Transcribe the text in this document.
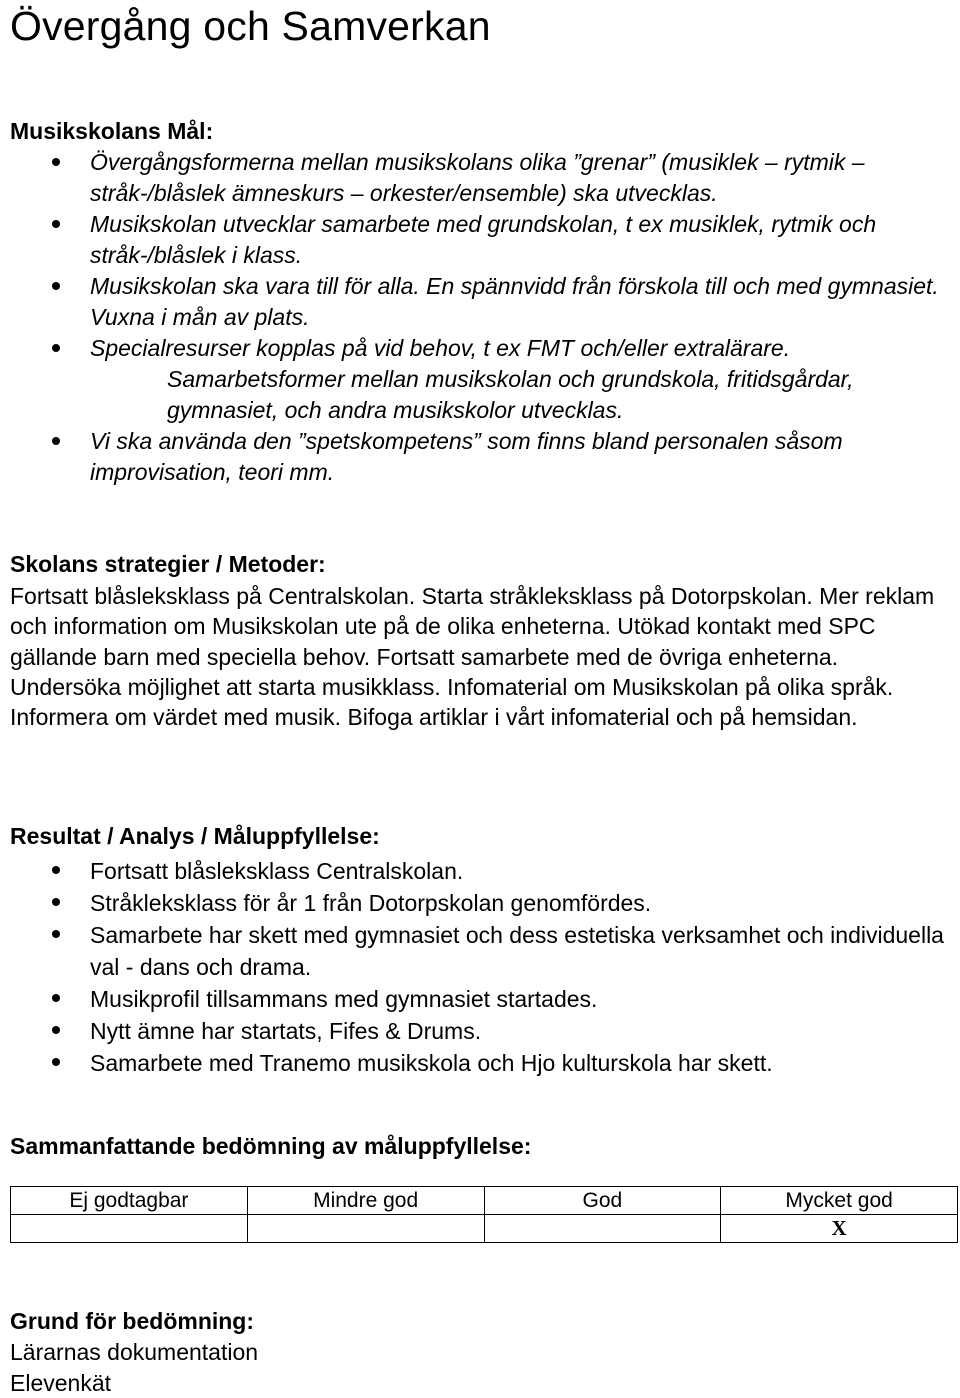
Övergång och Samverkan
Musikskolans Mål:
Övergångsformerna mellan musikskolans olika ”grenar” (musiklek – rytmik – stråk-/blåslek ämneskurs – orkester/ensemble) ska utvecklas.
Musikskolan utvecklar samarbete med grundskolan, t ex musiklek, rytmik och stråk-/blåslek i klass.
Musikskolan ska vara till för alla. En spännvidd från förskola till och med gymnasiet. Vuxna i mån av plats.
Specialresurser kopplas på vid behov, t ex FMT och/eller extralärare.
Samarbetsformer mellan musikskolan och grundskola, fritidsgårdar, gymnasiet, och andra musikskolor utvecklas.
Vi ska använda den ”spetskompetens” som finns bland personalen såsom improvisation, teori mm.
Skolans strategier / Metoder:

Fortsatt blåsleksklass på Centralskolan. Starta stråkleksklass på Dotorpskolan. Mer reklam och information om Musikskolan ute på de olika enheterna. Utökad kontakt med SPC gällande barn med speciella behov. Fortsatt samarbete med de övriga enheterna. Undersöka möjlighet att starta musikklass. Infomaterial om Musikskolan på olika språk. Informera om värdet med musik. Bifoga artiklar i vårt infomaterial och på hemsidan.

Resultat / Analys / Måluppfyllelse:
Fortsatt blåsleksklass Centralskolan.
Stråkleksklass för år 1 från Dotorpskolan genomfördes.
Samarbete har skett med gymnasiet och dess estetiska verksamhet och individuella val - dans och drama.
Musikprofil tillsammans med gymnasiet startades.
Nytt ämne har startats, Fifes & Drums.
Samarbete med Tranemo musikskola och Hjo kulturskola har skett.
Sammanfattande bedömning av måluppfyllelse:
Ej godtagbar	Mindre god	God	Mycket god
			X
Grund för bedömning:
Lärarnas dokumentation
Elevenkät
